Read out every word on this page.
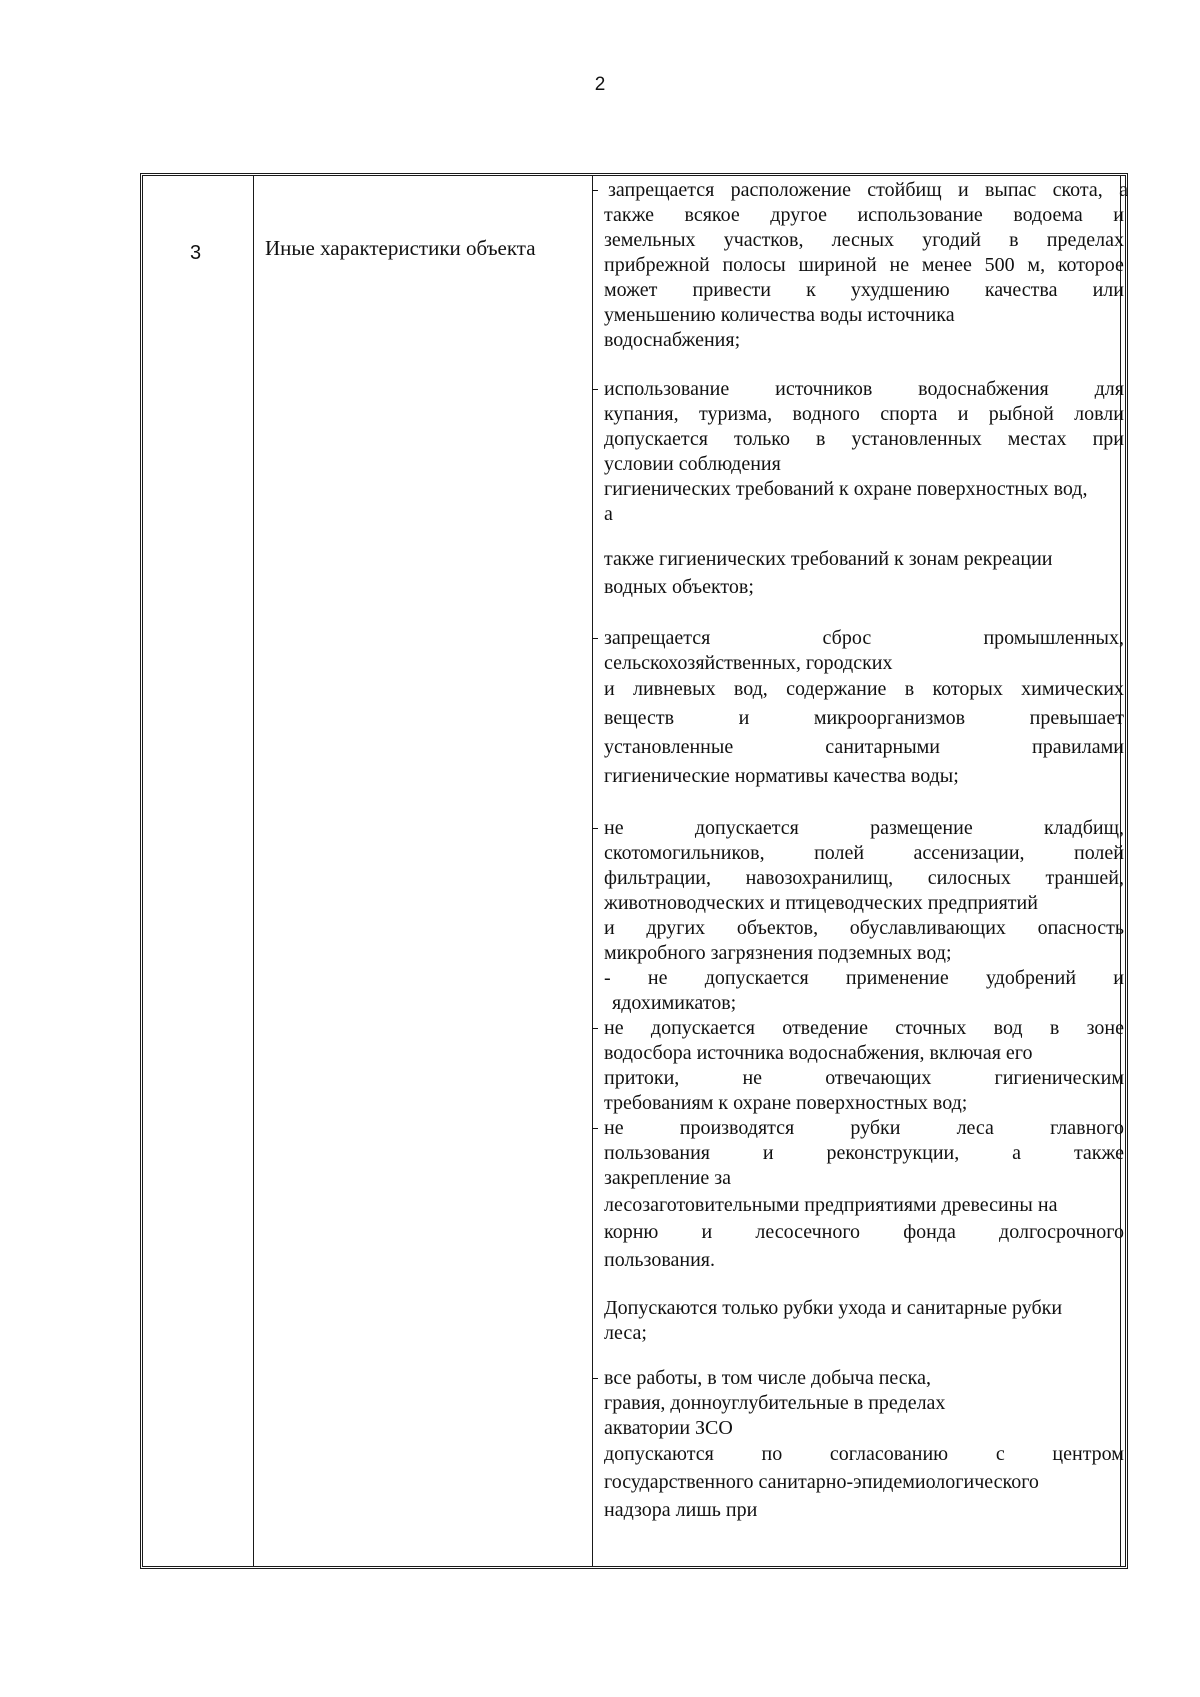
2
3	Иные характеристики объекта
запрещается расположение стойбищ и выпас скота, а
также всякое другое использование водоема и
земельных участков, лесных угодий в пределах
прибрежной полосы шириной не менее 500 м, которое
может привести к ухудшению качества или
уменьшению количества воды источника
водоснабжения;
использование источников водоснабжения для
купания, туризма, водного спорта и рыбной ловли
допускается только в установленных местах при
условии соблюдения
гигиенических требований к охране поверхностных вод,
а
также гигиенических требований к зонам рекреации
водных объектов;
запрещается	сброс	промышленных,
сельскохозяйственных, городских
и ливневых вод, содержание в которых химических
веществ	и	микроорганизмов	превышает
установленные	санитарными	правилами
гигиенические нормативы качества воды;
не	допускается	размещение	кладбищ,
скотомогильников, полей ассенизации, полей
фильтрации, навозохранилищ, силосных траншей,
животноводческих и птицеводческих предприятий
и других объектов, обуславливающих опасность
микробного загрязнения подземных вод;
- не допускается применение удобрений и
ядохимикатов;
не допускается отведение сточных вод в зоне
водосбора источника водоснабжения, включая его
притоки,	не	отвечающих	гигиеническим
требованиям к охране поверхностных вод;
не	производятся	рубки	леса	главного
пользования	и	реконструкции,	а	также
закрепление за
лесозаготовительными предприятиями древесины на
корню и лесосечного фонда долгосрочного
пользования.
Допускаются только рубки ухода и санитарные рубки
леса;
все работы, в том числе добыча песка,
гравия, донноуглубительные в пределах
акватории ЗСО
допускаются по согласованию с центром
государственного санитарно-эпидемиологического
надзора лишь при
